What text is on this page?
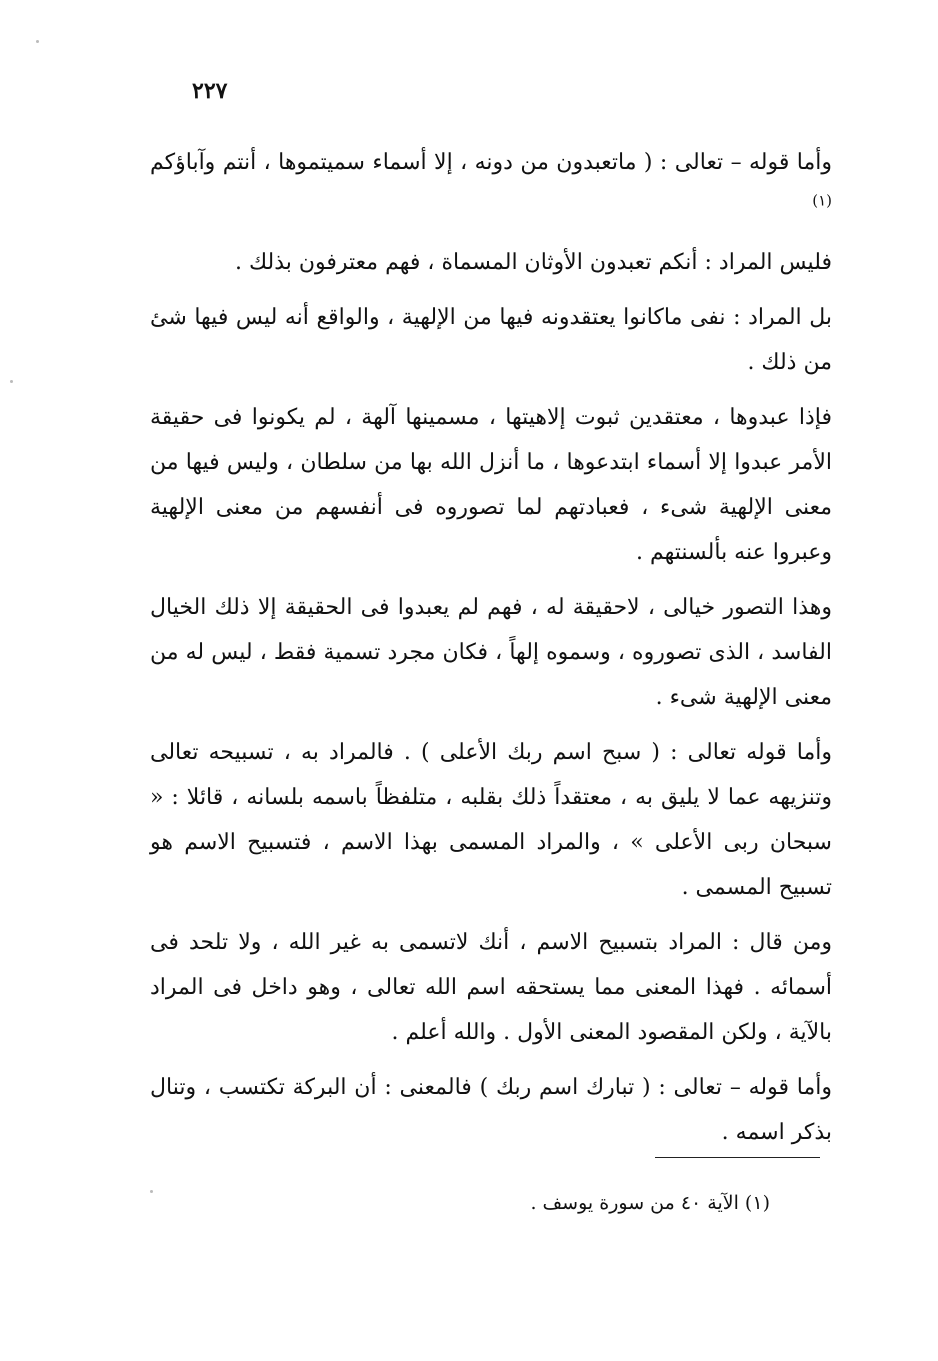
٢٢٧

وأما قوله – تعالى : ( ماتعبدون من دونه ، إلا أسماء سميتموها ، أنتم وآباؤكم $^{(١)}$

فليس المراد : أنكم تعبدون الأوثان المسماة ، فهم معترفون بذلك .

بل المراد : نفى ماكانوا يعتقدونه فيها من الإلهية ، والواقع أنه ليس فيها شئ من ذلك .

فإذا عبدوها ، معتقدين ثبوت إلاهيتها ، مسمينها آلهة ، لم يكونوا فى حقيقة الأمر عبدوا إلا أسماء ابتدعوها ، ما أنزل الله بها من سلطان ، وليس فيها من معنى الإلهية شىء ، فعبادتهم لما تصوروه فى أنفسهم من معنى الإلهية وعبروا عنه بألسنتهم .

وهذا التصور خيالى ، لاحقيقة له ، فهم لم يعبدوا فى الحقيقة إلا ذلك الخيال الفاسد ، الذى تصوروه ، وسموه إلهاً ، فكان مجرد تسمية فقط ، ليس له من معنى الإلهية شىء .

وأما قوله تعالى : ( سبح اسم ربك الأعلى ) . فالمراد به ، تسبيحه تعالى وتنزيهه عما لا يليق به ، معتقداً ذلك بقلبه ، متلفظاً باسمه بلسانه ، قائلا : « سبحان ربى الأعلى » ، والمراد المسمى بهذا الاسم ، فتسبيح الاسم هو تسبيح المسمى .

ومن قال : المراد بتسبيح الاسم ، أنك لاتسمى به غير الله ، ولا تلحد فى أسمائه . فهذا المعنى مما يستحقه اسم الله تعالى ، وهو داخل فى المراد بالآية ، ولكن المقصود المعنى الأول . والله أعلم .

وأما قوله – تعالى : ( تبارك اسم ربك ) فالمعنى : أن البركة تكتسب ، وتنال بذكر اسمه .

(١) الآية ٤٠ من سورة يوسف .
